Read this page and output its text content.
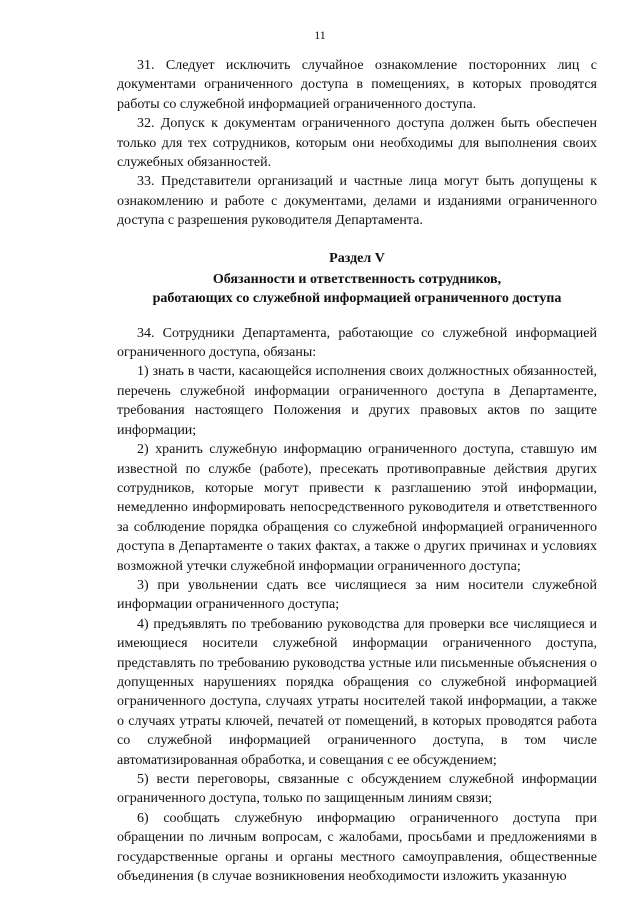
11

31. Следует исключить случайное ознакомление посторонних лиц с документами ограниченного доступа в помещениях, в которых проводятся работы со служебной информацией ограниченного доступа.

32. Допуск к документам ограниченного доступа должен быть обеспечен только для тех сотрудников, которым они необходимы для выполнения своих служебных обязанностей.

33. Представители организаций и частные лица могут быть допущены к ознакомлению и работе с документами, делами и изданиями ограниченного доступа с разрешения руководителя Департамента.

Раздел V
Обязанности и ответственность сотрудников,
работающих со служебной информацией ограниченного доступа

34. Сотрудники Департамента, работающие со служебной информацией ограниченного доступа, обязаны:

1) знать в части, касающейся исполнения своих должностных обязанностей, перечень служебной информации ограниченного доступа в Департаменте, требования настоящего Положения и других правовых актов по защите информации;

2) хранить служебную информацию ограниченного доступа, ставшую им известной по службе (работе), пресекать противоправные действия других сотрудников, которые могут привести к разглашению этой информации, немедленно информировать непосредственного руководителя и ответственного за соблюдение порядка обращения со служебной информацией ограниченного доступа в Департаменте о таких фактах, а также о других причинах и условиях возможной утечки служебной информации ограниченного доступа;

3) при увольнении сдать все числящиеся за ним носители служебной информации ограниченного доступа;

4) предъявлять по требованию руководства для проверки все числящиеся и имеющиеся носители служебной информации ограниченного доступа, представлять по требованию руководства устные или письменные объяснения о допущенных нарушениях порядка обращения со служебной информацией ограниченного доступа, случаях утраты носителей такой информации, а также о случаях утраты ключей, печатей от помещений, в которых проводятся работа со служебной информацией ограниченного доступа, в том числе автоматизированная обработка, и совещания с ее обсуждением;

5) вести переговоры, связанные с обсуждением служебной информации ограниченного доступа, только по защищенным линиям связи;

6) сообщать служебную информацию ограниченного доступа при обращении по личным вопросам, с жалобами, просьбами и предложениями в государственные органы и органы местного самоуправления, общественные объединения (в случае возникновения необходимости изложить указанную
